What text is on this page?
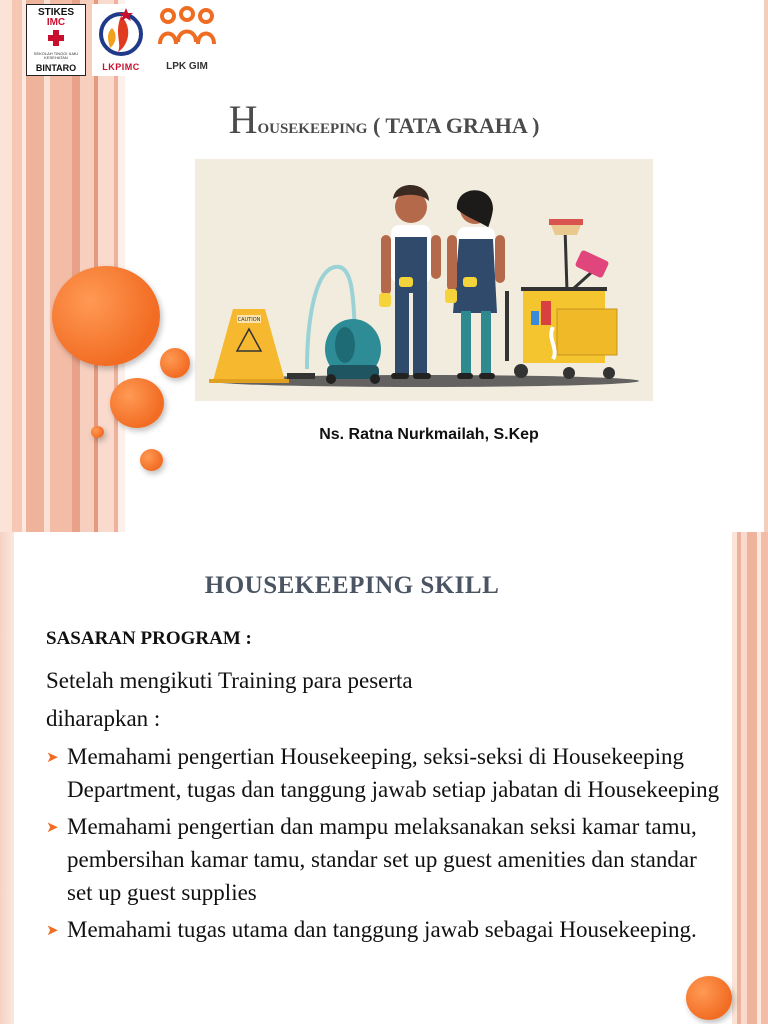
STIKES
IMC
SEKOLAH TINGGI ILMU KESEHATAN
BINTARO	LKPIMC	LPK GIM
Housekeeping ( TATA GRAHA )
CAUTION
Ns. Ratna Nurkmailah, S.Kep
HOUSEKEEPING SKILL
SASARAN PROGRAM :
Setelah mengikuti Training para peserta
diharapkan :
➤ Memahami pengertian Housekeeping, seksi-seksi di Housekeeping Department, tugas dan tanggung jawab setiap jabatan di Housekeeping
➤ Memahami pengertian dan mampu melaksanakan seksi kamar tamu, pembersihan kamar tamu, standar set up guest amenities dan standar set up guest supplies
➤ Memahami tugas utama dan tanggung jawab sebagai Housekeeping.
